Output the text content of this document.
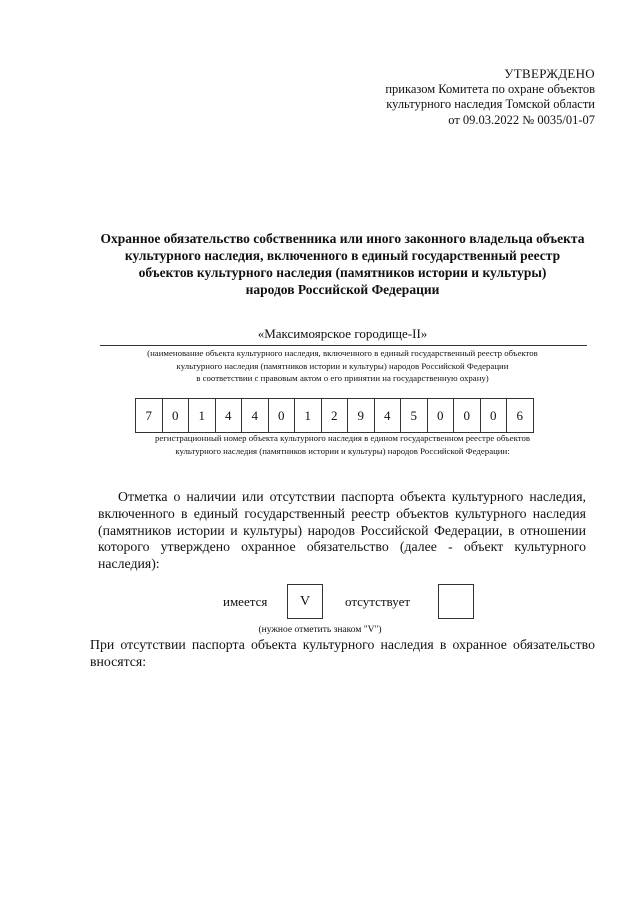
УТВЕРЖДЕНО
приказом Комитета по охране объектов
культурного наследия Томской области
от 09.03.2022 № 0035/01-07
Охранное обязательство собственника или иного законного владельца объекта
культурного наследия, включенного в единый государственный реестр
объектов культурного наследия (памятников истории и культуры)
народов Российской Федерации
«Максимоярское городище-II»
(наименование объекта культурного наследия, включенного в единый государственный реестр объектов
культурного наследия (памятников истории и культуры) народов Российской Федерации
в соответствии с правовым актом о его принятии на государственную охрану)
7	0	1	4	4	0	1	2	9	4	5	0	0	0	6
регистрационный номер объекта культурного наследия в едином государственном реестре объектов
культурного наследия (памятников истории и культуры) народов Российской Федерации:
Отметка о наличии или отсутствии паспорта объекта культурного наследия, включенного в единый государственный реестр объектов культурного наследия (памятников истории и культуры) народов Российской Федерации, в отношении которого утверждено охранное обязательство (далее - объект культурного наследия):
имеется	V	отсутствует
(нужное отметить знаком "V")
При отсутствии паспорта объекта культурного наследия в охранное обязательство вносятся:
